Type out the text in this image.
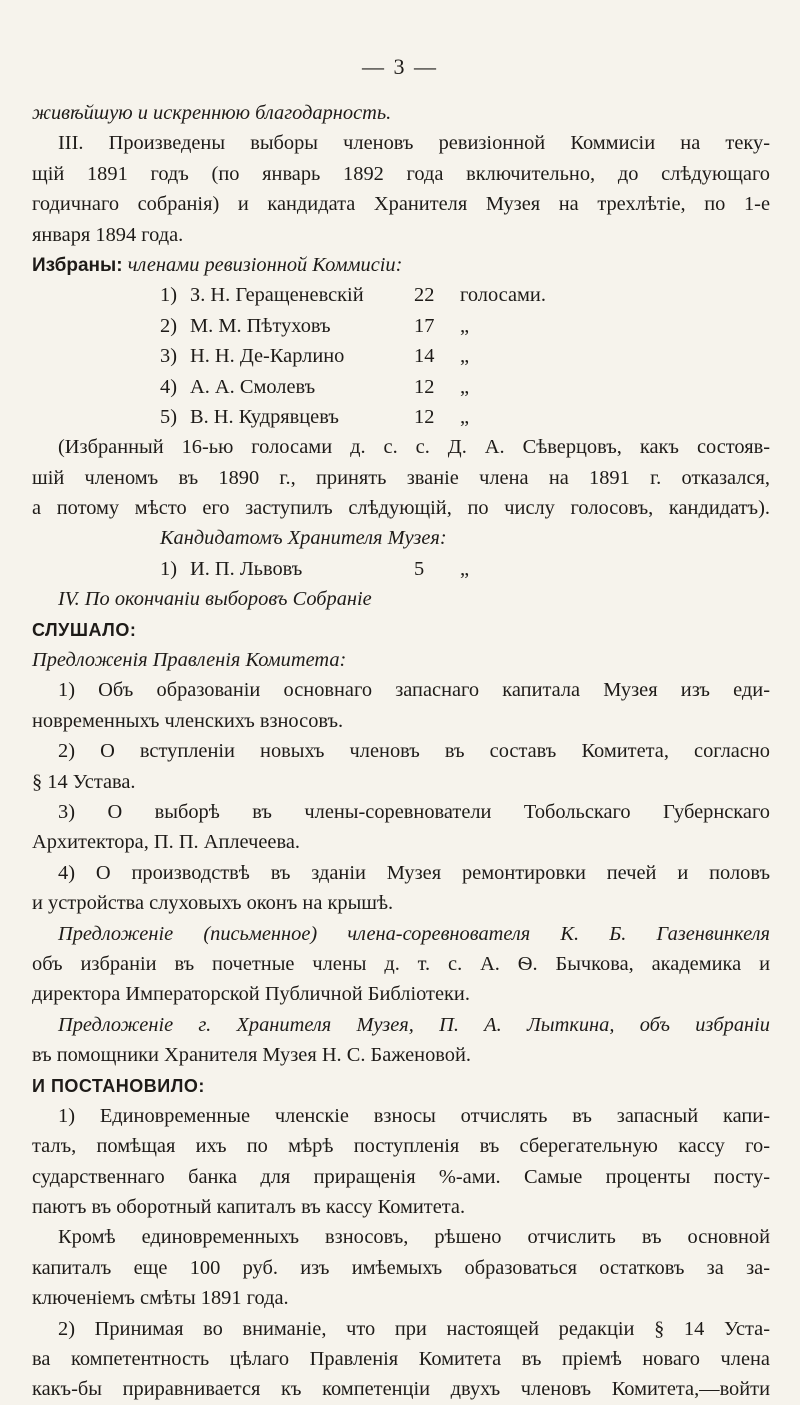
— 3 —
живѣйшую и искреннюю благодарность.
III. Произведены выборы членовъ ревизіонной Коммисіи на теку-
щій 1891 годъ (по январь 1892 года включительно, до слѣдующаго
годичнаго собранія) и кандидата Хранителя Музея на трехлѣтіе, по 1-е
января 1894 года.
Избраны: членами ревизіонной Коммисіи:
1) З. Н. Геращеневскій	22	голосами.
2) М. М. Пѣтуховъ	17	„
3) Н. Н. Де-Карлино	14	„
4) А. А. Смолевъ	12	„
5) В. Н. Кудрявцевъ	12	„
(Избранный 16-ью голосами д. с. с. Д. А. Сѣверцовъ, какъ состояв-
шій членомъ въ 1890 г., принять званіе члена на 1891 г. отказался,
а потому мѣсто его заступилъ слѣдующій, по числу голосовъ, кандидатъ).
Кандидатомъ Хранителя Музея:
1) И. П. Львовъ	5	„
IV. По окончаніи выборовъ Собраніе
СЛУШАЛО:
Предложенія Правленія Комитета:
1) Объ образованіи основнаго запаснаго капитала Музея изъ еди-
новременныхъ членскихъ взносовъ.
2) О вступленіи новыхъ членовъ въ составъ Комитета, согласно
§ 14 Устава.
3) О выборѣ въ члены-соревнователи Тобольскаго Губернскаго
Архитектора, П. П. Аплечеева.
4) О производствѣ въ зданіи Музея ремонтировки печей и половъ
и устройства слуховыхъ оконъ на крышѣ.
Предложеніе (письменное) члена-соревнователя К. Б. Газенвинкеля
объ избраніи въ почетные члены д. т. с. А. Ѳ. Бычкова, академика и
директора Императорской Публичной Библіотеки.
Предложеніе г. Хранителя Музея, П. А. Лыткина, объ избраніи
въ помощники Хранителя Музея Н. С. Баженовой.
И ПОСТАНОВИЛО:
1) Единовременные членскіе взносы отчислять въ запасный капи-
талъ, помѣщая ихъ по мѣрѣ поступленія въ сберегательную кассу го-
сударственнаго банка для приращенія %-ами. Самые проценты посту-
паютъ въ оборотный капиталъ въ кассу Комитета.
Кромѣ единовременныхъ взносовъ, рѣшено отчислить въ основной
капиталъ еще 100 руб. изъ имѣемыхъ образоваться остатковъ за за-
ключеніемъ смѣты 1891 года.
2) Принимая во вниманіе, что при настоящей редакціи § 14 Уста-
ва компетентность цѣлаго Правленія Комитета въ пріемѣ новаго члена
какъ-бы приравнивается къ компетенціи двухъ членовъ Комитета,—войти
